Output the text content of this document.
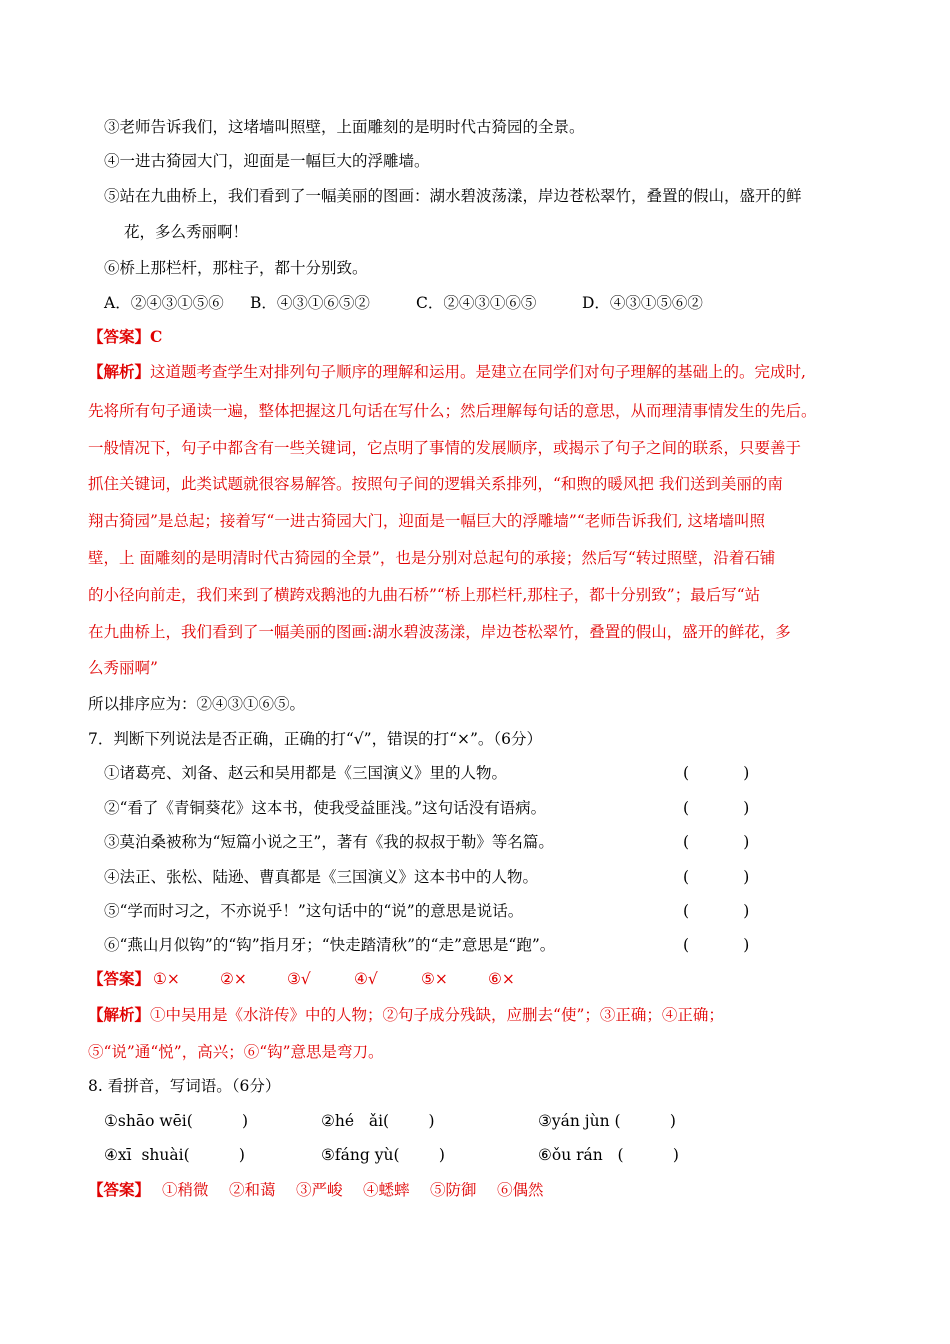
③老师告诉我们，这堵墙叫照壁，上面雕刻的是明时代古猗园的全景。
④一进古猗园大门，迎面是一幅巨大的浮雕墙。
⑤站在九曲桥上，我们看到了一幅美丽的图画：湖水碧波荡漾，岸边苍松翠竹，叠置的假山，盛开的鲜
花，多么秀丽啊！
⑥桥上那栏杆，那柱子，都十分别致。
A．②④③①⑤⑥ B．④③①⑥⑤②	C．②④③①⑥⑤	D．④③①⑤⑥②
【答案】C
【解析】这道题考查学生对排列句子顺序的理解和运用。是建立在同学们对句子理解的基础上的。完成时,
先将所有句子通读一遍，整体把握这几句话在写什么；然后理解每句话的意思，从而理清事情发生的先后。
一般情况下，句子中都含有一些关键词，它点明了事情的发展顺序，或揭示了句子之间的联系，只要善于
抓住关键词，此类试题就很容易解答。按照句子间的逻辑关系排列，“和煦的暖风把 我们送到美丽的南
翔古猗园”是总起；接着写“一进古猗园大门，迎面是一幅巨大的浮雕墙”“老师告诉我们, 这堵墙叫照
壁，上 面雕刻的是明清时代古猗园的全景”，也是分别对总起句的承接；然后写“转过照壁，沿着石铺
的小径向前走，我们来到了横跨戏鹅池的九曲石桥”“桥上那栏杆,那柱子，都十分别致”；最后写“站
在九曲桥上，我们看到了一幅美丽的图画:湖水碧波荡漾，岸边苍松翠竹，叠置的假山，盛开的鲜花，多
么秀丽啊”
所以排序应为：②④③①⑥⑤。
7．判断下列说法是否正确，正确的打“√”，错误的打“×”。（6分）
①诸葛亮、刘备、赵云和吴用都是《三国演义》里的人物。	(           )
②“看了《青铜葵花》这本书，使我受益匪浅。”这句话没有语病。	(           )
③莫泊桑被称为“短篇小说之王”，著有《我的叔叔于勒》等名篇。	(           )
④法正、张松、陆逊、曹真都是《三国演义》这本书中的人物。	(           )
⑤“学而时习之，不亦说乎！”这句话中的“说”的意思是说话。	(           )
⑥“燕山月似钩”的“钩”指月牙；“快走踏清秋”的“走”意思是“跑”。	(           )
【答案】 ①×	②×	③√	④√	⑤×	⑥×
【解析】①中吴用是《水浒传》中的人物；②句子成分残缺，应删去“使”；③正确；④正确；
⑤“说”通“悦”，高兴；⑥“钩”意思是弯刀。
8. 看拼音，写词语。（6分）
①shāo wēi(          )	②hé   ǎi(        )	③yán jùn (          )
④xī  shuài(          )	⑤fáng yù(        )	⑥ǒu rán   (          )
【答案】 ①稍微 ②和蔼 ③严峻 ④蟋蟀 ⑤防御 ⑥偶然
